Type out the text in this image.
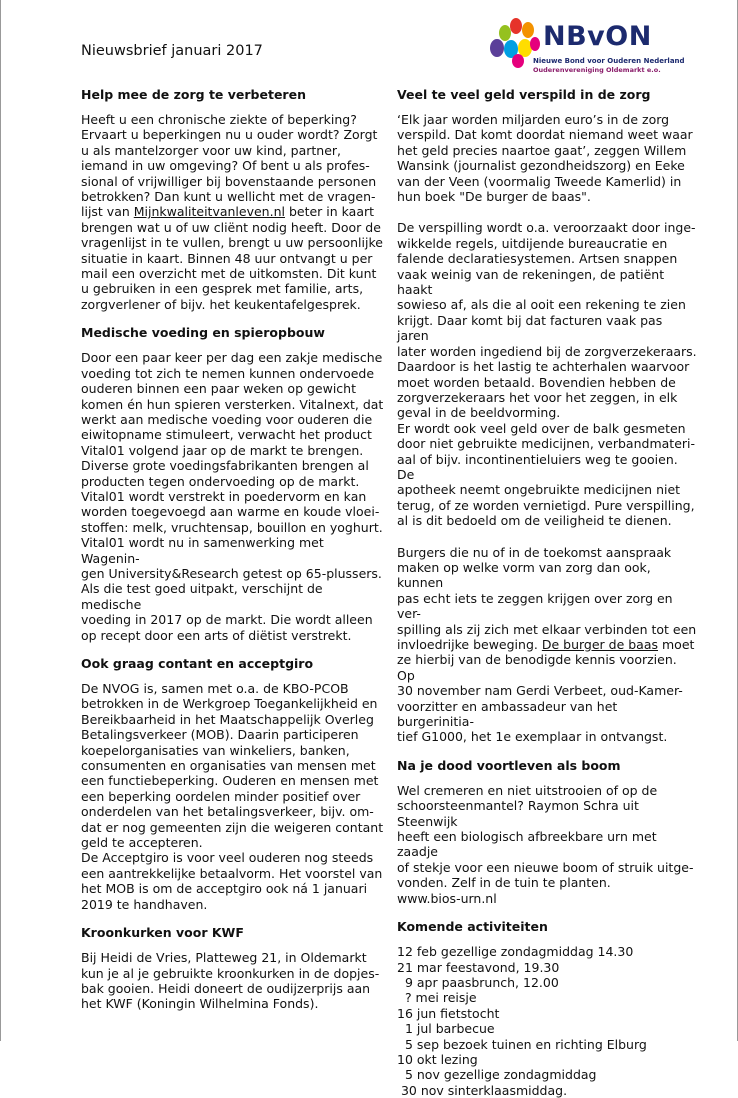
Nieuwsbrief januari 2017	NBvON
Nieuwe Bond voor Ouderen Nederland
Ouderenvereniging Oldemarkt e.o.
Help mee de zorg te verbeteren

Heeft u een chronische ziekte of beperking?

Ervaart u beperkingen nu u ouder wordt? Zorgt

u als mantelzorger voor uw kind, partner,

iemand in uw omgeving? Of bent u als profes-

sional of vrijwilliger bij bovenstaande personen

betrokken? Dan kunt u wellicht met de vragen-

lijst van Mijnkwaliteitvanleven.nl beter in kaart

brengen wat u of uw cliënt nodig heeft. Door de

vragenlijst in te vullen, brengt u uw persoonlijke

situatie in kaart. Binnen 48 uur ontvangt u per

mail een overzicht met de uitkomsten. Dit kunt

u gebruiken in een gesprek met familie, arts,

zorgverlener of bijv. het keukentafelgesprek.

Medische voeding en spieropbouw

Door een paar keer per dag een zakje medische

voeding tot zich te nemen kunnen ondervoede

ouderen binnen een paar weken op gewicht

komen én hun spieren versterken. Vitalnext, dat

werkt aan medische voeding voor ouderen die

eiwitopname stimuleert, verwacht het product

Vital01 volgend jaar op de markt te brengen.

Diverse grote voedingsfabrikanten brengen al

producten tegen ondervoeding op de markt.

Vital01 wordt verstrekt in poedervorm en kan

worden toegevoegd aan warme en koude vloei-

stoffen: melk, vruchtensap, bouillon en yoghurt.

Vital01 wordt nu in samenwerking met Wagenin-

gen University&Research getest op 65-plussers.

Als die test goed uitpakt, verschijnt de medische

voeding in 2017 op de markt. Die wordt alleen

op recept door een arts of diëtist verstrekt.

Ook graag contant en acceptgiro

De NVOG is, samen met o.a. de KBO-PCOB

betrokken in de Werkgroep Toegankelijkheid en

Bereikbaarheid in het Maatschappelijk Overleg

Betalingsverkeer (MOB). Daarin participeren

koepelorganisaties van winkeliers, banken,

consumenten en organisaties van mensen met

een functiebeperking. Ouderen en mensen met

een beperking oordelen minder positief over

onderdelen van het betalingsverkeer, bijv. om-

dat er nog gemeenten zijn die weigeren contant

geld te accepteren.

De Acceptgiro is voor veel ouderen nog steeds

een aantrekkelijke betaalvorm. Het voorstel van

het MOB is om de acceptgiro ook ná 1 januari

2019 te handhaven.

Kroonkurken voor KWF

Bij Heidi de Vries, Platteweg 21, in Oldemarkt

kun je al je gebruikte kroonkurken in de dopjes-

bak gooien. Heidi doneert de oudijzerprijs aan

het KWF (Koningin Wilhelmina Fonds).

Veel te veel geld verspild in de zorg

‘Elk jaar worden miljarden euro’s in de zorg

verspild. Dat komt doordat niemand weet waar

het geld precies naartoe gaat’, zeggen Willem

Wansink (journalist gezondheidszorg) en Eeke

van der Veen (voormalig Tweede Kamerlid) in

hun boek "De burger de baas".

De verspilling wordt o.a. veroorzaakt door inge-

wikkelde regels, uitdijende bureaucratie en

falende declaratiesystemen. Artsen snappen

vaak weinig van de rekeningen, de patiënt haakt

sowieso af, als die al ooit een rekening te zien

krijgt. Daar komt bij dat facturen vaak pas jaren

later worden ingediend bij de zorgverzekeraars.

Daardoor is het lastig te achterhalen waarvoor

moet worden betaald. Bovendien hebben de

zorgverzekeraars het voor het zeggen, in elk

geval in de beeldvorming.

Er wordt ook veel geld over de balk gesmeten

door niet gebruikte medicijnen, verbandmateri-

aal of bijv. incontinentieluiers weg te gooien. De

apotheek neemt ongebruikte medicijnen niet

terug, of ze worden vernietigd. Pure verspilling,

al is dit bedoeld om de veiligheid te dienen.

Burgers die nu of in de toekomst aanspraak

maken op welke vorm van zorg dan ook, kunnen

pas echt iets te zeggen krijgen over zorg en ver-

spilling als zij zich met elkaar verbinden tot een

invloedrijke beweging. De burger de baas moet

ze hierbij van de benodigde kennis voorzien. Op

30 november nam Gerdi Verbeet, oud-Kamer-

voorzitter en ambassadeur van het burgerinitia-

tief G1000, het 1e exemplaar in ontvangst.

Na je dood voortleven als boom

Wel cremeren en niet uitstrooien of op de

schoorsteenmantel? Raymon Schra uit Steenwijk

heeft een biologisch afbreekbare urn met zaadje

of stekje voor een nieuwe boom of struik uitge-

vonden. Zelf in de tuin te planten.

www.bios-urn.nl

Komende activiteiten

12 feb gezellige zondagmiddag 14.30

21 mar feestavond, 19.30

9 apr paasbrunch, 12.00

? mei reisje

16 jun fietstocht

1 jul barbecue

5 sep bezoek tuinen en richting Elburg

10 okt lezing

5 nov gezellige zondagmiddag

30 nov sinterklaasmiddag.
